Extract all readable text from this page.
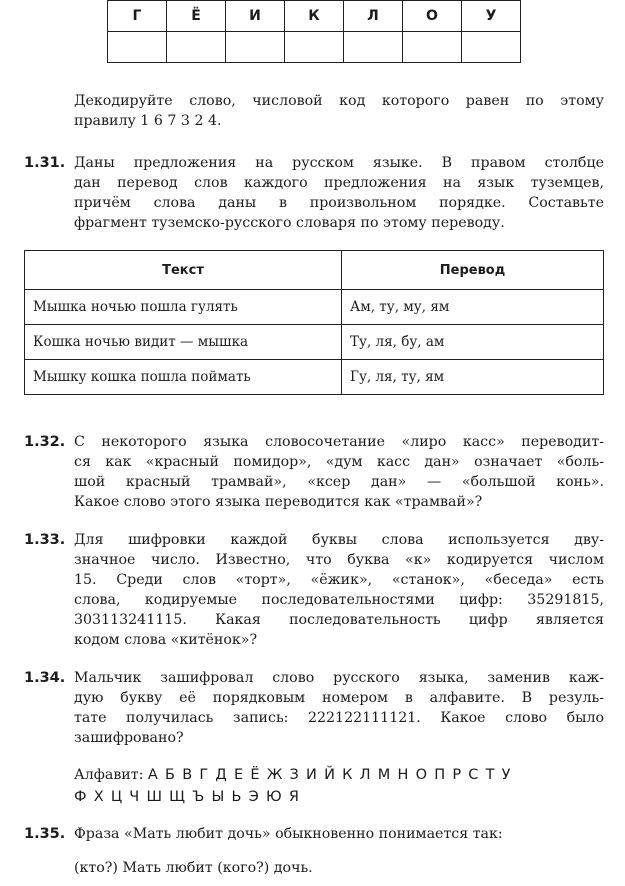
Г	Ё	И	К	Л	О	У

Декодируйте слово, числовой код которого равен по этому
правилу 1 6 7 3 2 4.
1.31. Даны предложения на русском языке. В правом столбце
дан перевод слов каждого предложения на язык туземцев,
причём слова даны в произвольном порядке. Составьте
фрагмент туземско-русского словаря по этому переводу.
Текст	Перевод
Мышка ночью пошла гулять	Ам, ту, му, ям
Кошка ночью видит — мышка	Ту, ля, бу, ам
Мышку кошка пошла поймать	Гу, ля, ту, ям
1.32. С некоторого языка словосочетание «лиро касс» переводит-
ся как «красный помидор», «дум касс дан» означает «боль-
шой красный трамвай», «ксер дан» — «большой конь».
Какое слово этого языка переводится как «трамвай»?
1.33. Для шифровки каждой буквы слова используется дву-
значное число. Известно, что буква «к» кодируется числом
15. Среди слов «торт», «ёжик», «станок», «беседа» есть
слова, кодируемые последовательностями цифр: 35291815,
303113241115. Какая последовательность цифр является
кодом слова «китёнок»?
1.34. Мальчик зашифровал слово русского языка, заменив каж-
дую букву её порядковым номером в алфавите. В резуль-
тате получилась запись: 222122111121. Какое слово было
зашифровано?
Алфавит: А Б В Г Д Е Ё Ж З И Й К Л М Н О П Р С Т У
Ф Х Ц Ч Ш Щ Ъ Ы Ь Э Ю Я
1.35. Фраза «Мать любит дочь» обыкновенно понимается так:
(кто?) Мать любит (кого?) дочь.
